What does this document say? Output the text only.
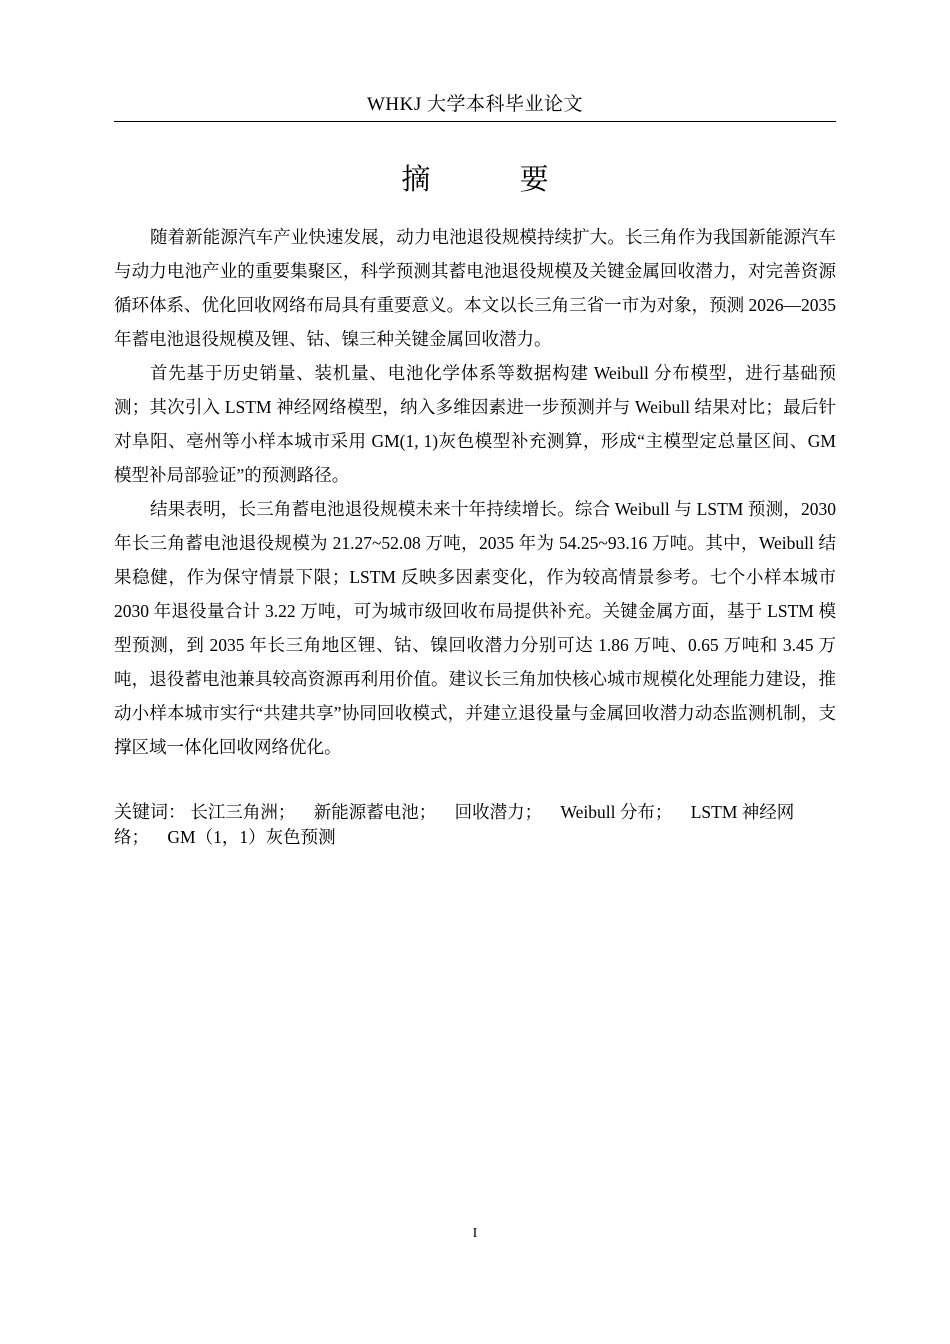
WHKJ 大学本科毕业论文
摘 要

随着新能源汽车产业快速发展，动力电池退役规模持续扩大。长三角作为我国新能源汽车与动力电池产业的重要集聚区，科学预测其蓄电池退役规模及关键金属回收潜力，对完善资源循环体系、优化回收网络布局具有重要意义。本文以长三角三省一市为对象，预测 2026—2035 年蓄电池退役规模及锂、钴、镍三种关键金属回收潜力。

首先基于历史销量、装机量、电池化学体系等数据构建 Weibull 分布模型，进行基础预测；其次引入 LSTM 神经网络模型，纳入多维因素进一步预测并与 Weibull 结果对比；最后针对阜阳、亳州等小样本城市采用 GM(1, 1)灰色模型补充测算，形成“主模型定总量区间、GM 模型补局部验证”的预测路径。

结果表明，长三角蓄电池退役规模未来十年持续增长。综合 Weibull 与 LSTM 预测，2030 年长三角蓄电池退役规模为 21.27~52.08 万吨，2035 年为 54.25~93.16 万吨。其中，Weibull 结果稳健，作为保守情景下限；LSTM 反映多因素变化，作为较高情景参考。七个小样本城市 2030 年退役量合计 3.22 万吨，可为城市级回收布局提供补充。关键金属方面，基于 LSTM 模型预测，到 2035 年长三角地区锂、钴、镍回收潜力分别可达 1.86 万吨、0.65 万吨和 3.45 万吨，退役蓄电池兼具较高资源再利用价值。建议长三角加快核心城市规模化处理能力建设，推动小样本城市实行“共建共享”协同回收模式，并建立退役量与金属回收潜力动态监测机制，支撑区域一体化回收网络优化。

关键词： 长江三角洲； 新能源蓄电池； 回收潜力； Weibull 分布； LSTM 神经网络； GM（1，1）灰色预测
I
